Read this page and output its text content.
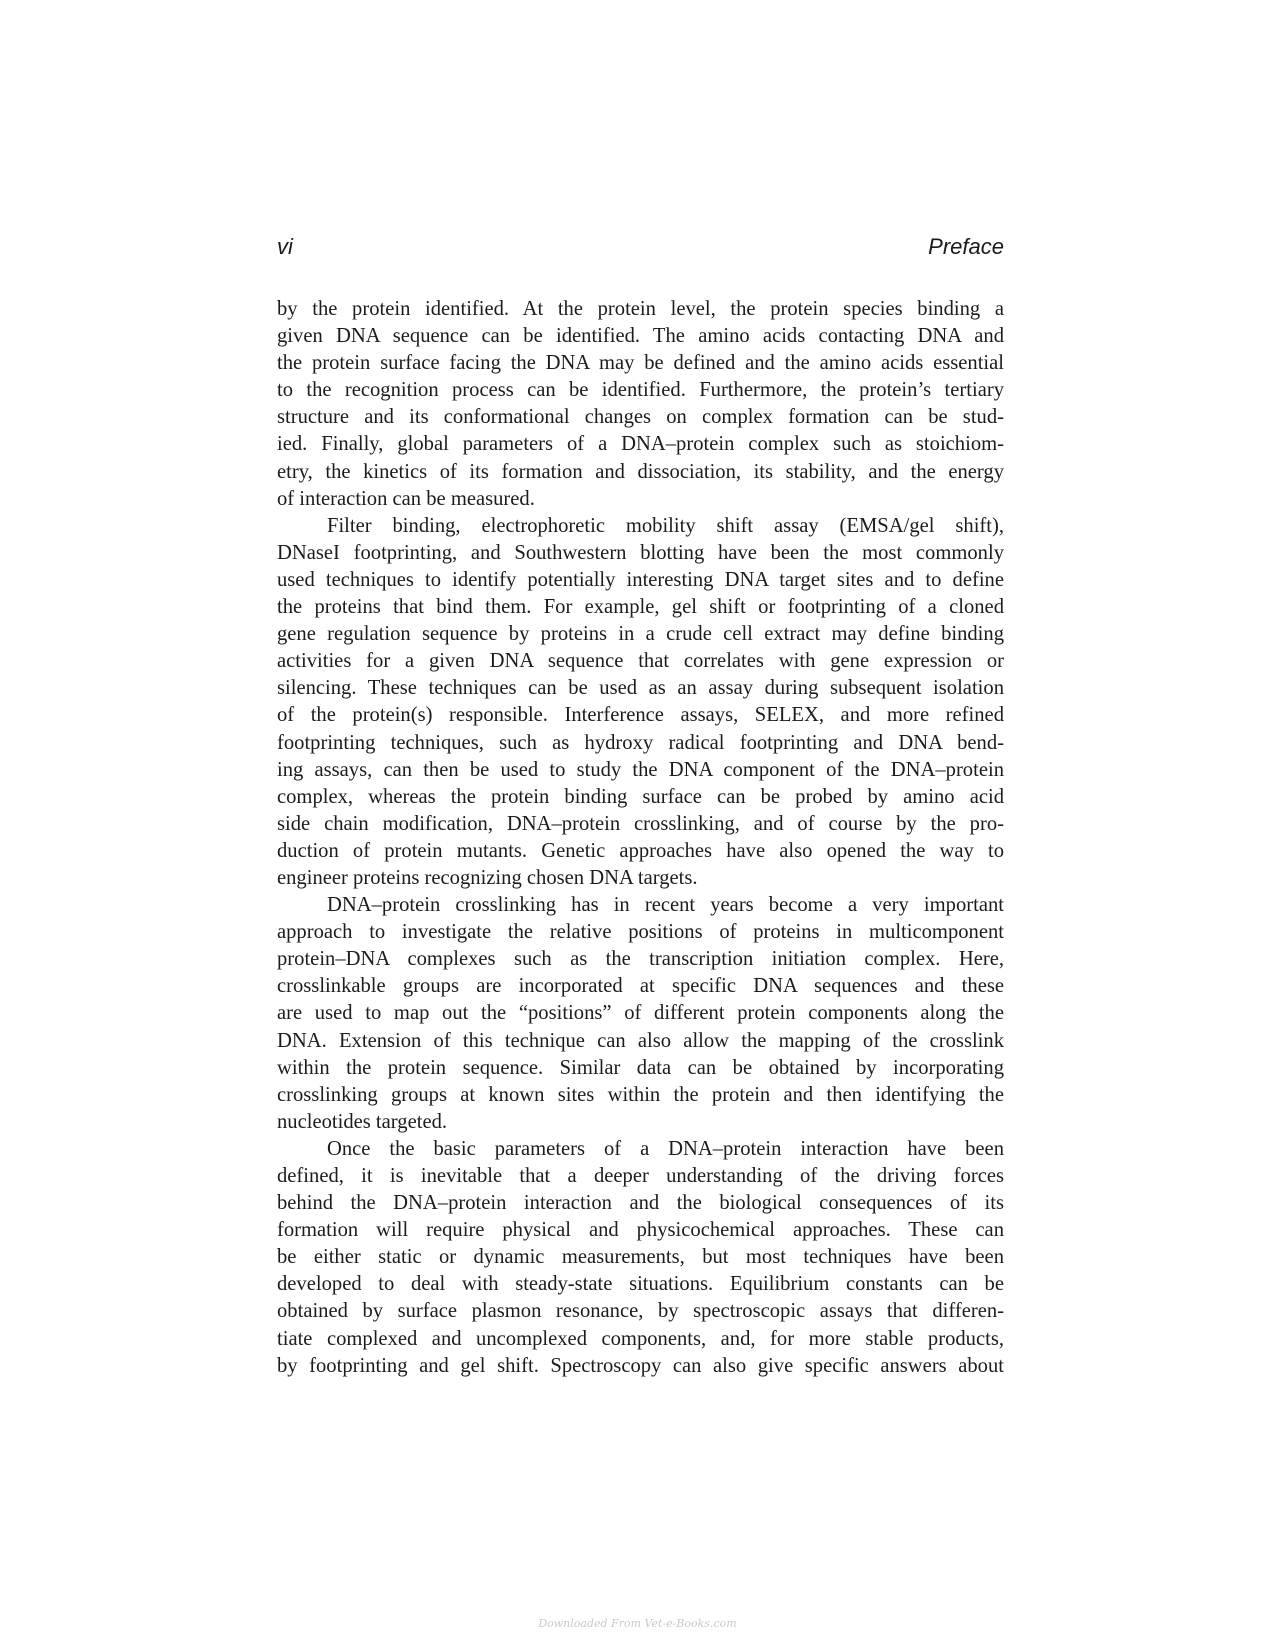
vi	Preface

by the protein identified. At the protein level, the protein species binding a
given DNA sequence can be identified. The amino acids contacting DNA and
the protein surface facing the DNA may be defined and the amino acids essential
to the recognition process can be identified. Furthermore, the protein’s tertiary
structure and its conformational changes on complex formation can be stud-
ied. Finally, global parameters of a DNA–protein complex such as stoichiom-
etry, the kinetics of its formation and dissociation, its stability, and the energy
of interaction can be measured.

Filter binding, electrophoretic mobility shift assay (EMSA/gel shift),
DNaseI footprinting, and Southwestern blotting have been the most commonly
used techniques to identify potentially interesting DNA target sites and to define
the proteins that bind them. For example, gel shift or footprinting of a cloned
gene regulation sequence by proteins in a crude cell extract may define binding
activities for a given DNA sequence that correlates with gene expression or
silencing. These techniques can be used as an assay during subsequent isolation
of the protein(s) responsible. Interference assays, SELEX, and more refined
footprinting techniques, such as hydroxy radical footprinting and DNA bend-
ing assays, can then be used to study the DNA component of the DNA–protein
complex, whereas the protein binding surface can be probed by amino acid
side chain modification, DNA–protein crosslinking, and of course by the pro-
duction of protein mutants. Genetic approaches have also opened the way to
engineer proteins recognizing chosen DNA targets.

DNA–protein crosslinking has in recent years become a very important
approach to investigate the relative positions of proteins in multicomponent
protein–DNA complexes such as the transcription initiation complex. Here,
crosslinkable groups are incorporated at specific DNA sequences and these
are used to map out the “positions” of different protein components along the
DNA. Extension of this technique can also allow the mapping of the crosslink
within the protein sequence. Similar data can be obtained by incorporating
crosslinking groups at known sites within the protein and then identifying the
nucleotides targeted.

Once the basic parameters of a DNA–protein interaction have been
defined, it is inevitable that a deeper understanding of the driving forces
behind the DNA–protein interaction and the biological consequences of its
formation will require physical and physicochemical approaches. These can
be either static or dynamic measurements, but most techniques have been
developed to deal with steady-state situations. Equilibrium constants can be
obtained by surface plasmon resonance, by spectroscopic assays that differen-
tiate complexed and uncomplexed components, and, for more stable products,
by footprinting and gel shift. Spectroscopy can also give specific answers about

Downloaded From Vet-e-Books.com
